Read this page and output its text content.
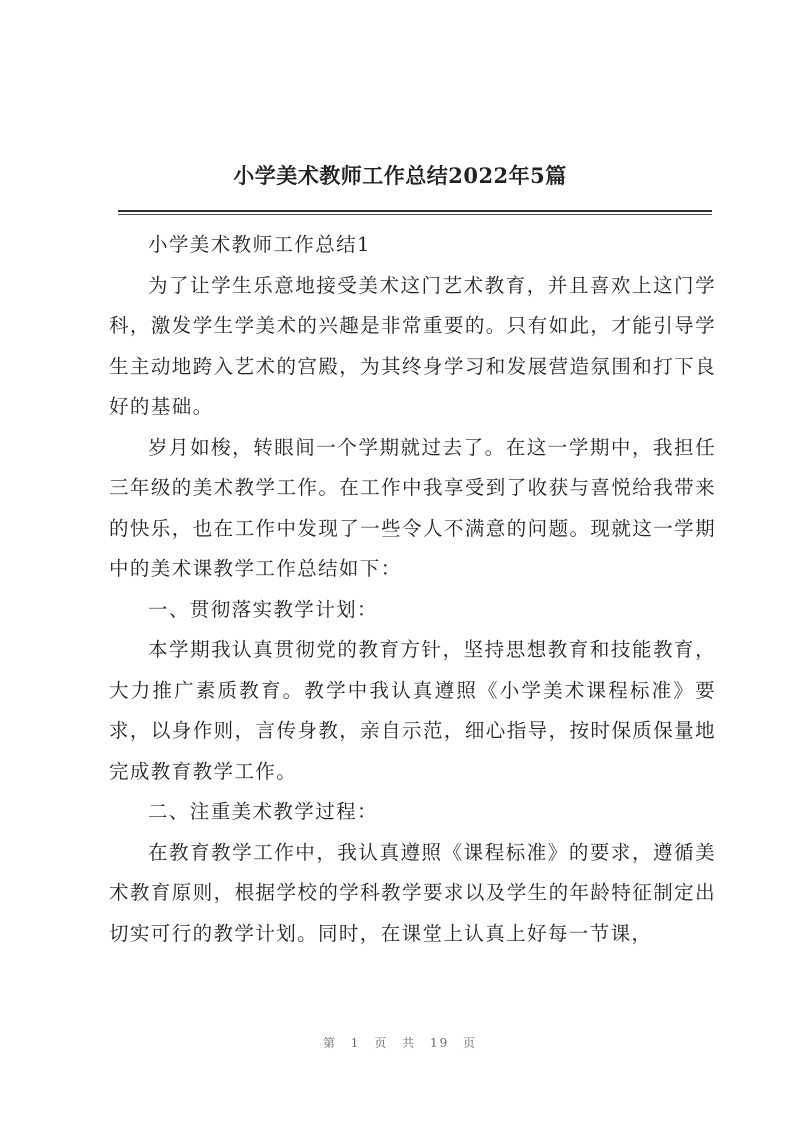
小学美术教师工作总结2022年5篇

小学美术教师工作总结1

为了让学生乐意地接受美术这门艺术教育，并且喜欢上这门学科，激发学生学美术的兴趣是非常重要的。只有如此，才能引导学生主动地跨入艺术的宫殿，为其终身学习和发展营造氛围和打下良好的基础。

岁月如梭，转眼间一个学期就过去了。在这一学期中，我担任三年级的美术教学工作。在工作中我享受到了收获与喜悦给我带来的快乐，也在工作中发现了一些令人不满意的问题。现就这一学期中的美术课教学工作总结如下：

一、贯彻落实教学计划：

本学期我认真贯彻党的教育方针，坚持思想教育和技能教育，大力推广素质教育。教学中我认真遵照《小学美术课程标准》要求，以身作则，言传身教，亲自示范，细心指导，按时保质保量地完成教育教学工作。

二、注重美术教学过程：

在教育教学工作中，我认真遵照《课程标准》的要求，遵循美术教育原则，根据学校的学科教学要求以及学生的年龄特征制定出切实可行的教学计划。同时，在课堂上认真上好每一节课，

第 1 页 共 19 页
